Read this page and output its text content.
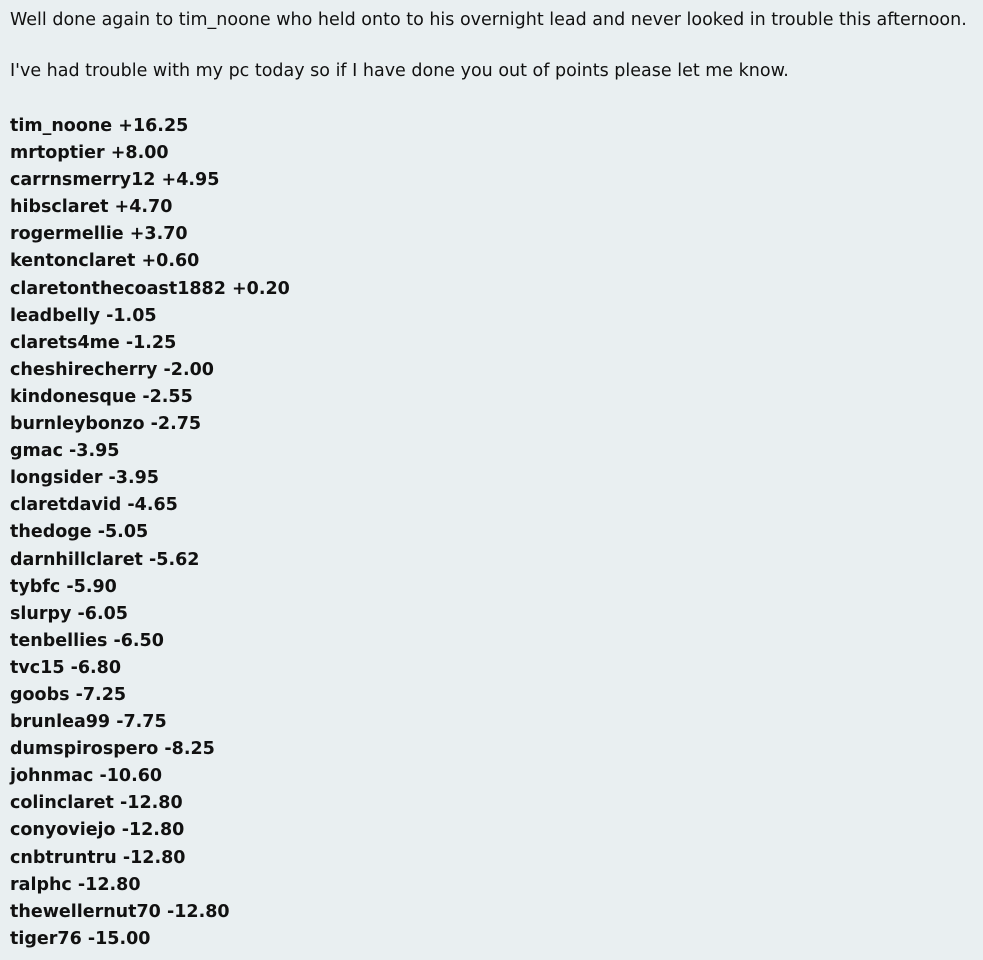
Well done again to tim_noone who held onto to his overnight lead and never looked in trouble this afternoon.

I've had trouble with my pc today so if I have done you out of points please let me know.

tim_noone +16.25
mrtoptier +8.00
carrnsmerry12 +4.95
hibsclaret +4.70
rogermellie +3.70
kentonclaret +0.60
claretonthecoast1882 +0.20
leadbelly -1.05
clarets4me -1.25
cheshirecherry -2.00
kindonesque -2.55
burnleybonzo -2.75
gmac -3.95
longsider -3.95
claretdavid -4.65
thedoge -5.05
darnhillclaret -5.62
tybfc -5.90
slurpy -6.05
tenbellies -6.50
tvc15 -6.80
goobs -7.25
brunlea99 -7.75
dumspirospero -8.25
johnmac -10.60
colinclaret -12.80
conyoviejo -12.80
cnbtruntru -12.80
ralphc -12.80
thewellernut70 -12.80
tiger76 -15.00
